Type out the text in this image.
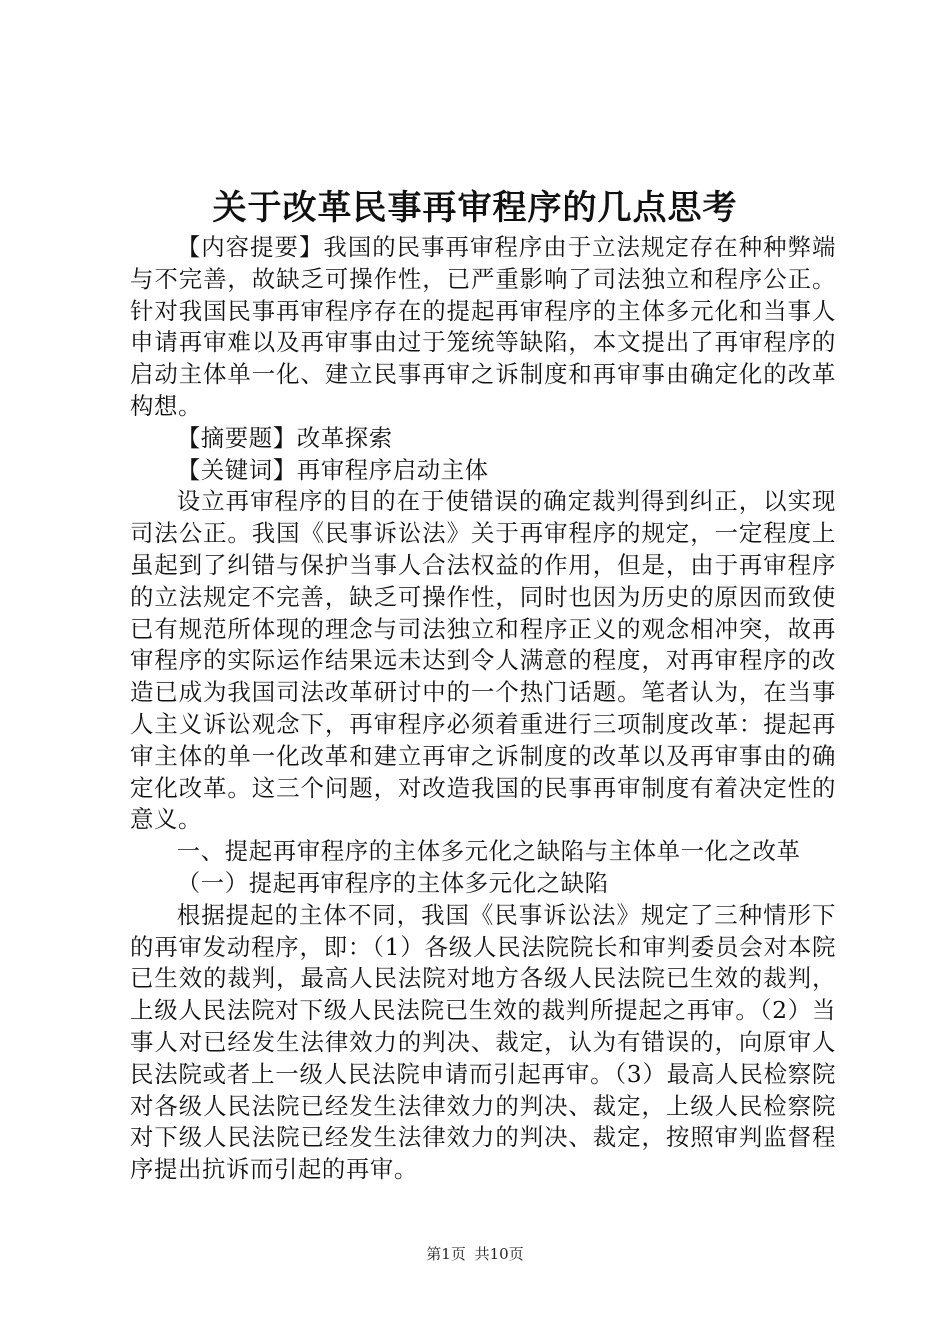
关于改革民事再审程序的几点思考

【内容提要】我国的民事再审程序由于立法规定存在种种弊端与不完善，故缺乏可操作性，已严重影响了司法独立和程序公正。针对我国民事再审程序存在的提起再审程序的主体多元化和当事人申请再审难以及再审事由过于笼统等缺陷，本文提出了再审程序的启动主体单一化、建立民事再审之诉制度和再审事由确定化的改革构想。

【摘要题】改革探索

【关键词】再审程序启动主体

设立再审程序的目的在于使错误的确定裁判得到纠正，以实现司法公正。我国《民事诉讼法》关于再审程序的规定，一定程度上虽起到了纠错与保护当事人合法权益的作用，但是，由于再审程序的立法规定不完善，缺乏可操作性，同时也因为历史的原因而致使已有规范所体现的理念与司法独立和程序正义的观念相冲突，故再审程序的实际运作结果远未达到令人满意的程度，对再审程序的改造已成为我国司法改革研讨中的一个热门话题。笔者认为，在当事人主义诉讼观念下，再审程序必须着重进行三项制度改革：提起再审主体的单一化改革和建立再审之诉制度的改革以及再审事由的确定化改革。这三个问题，对改造我国的民事再审制度有着决定性的意义。

一、提起再审程序的主体多元化之缺陷与主体单一化之改革

（一）提起再审程序的主体多元化之缺陷

根据提起的主体不同，我国《民事诉讼法》规定了三种情形下的再审发动程序，即：（1）各级人民法院院长和审判委员会对本院已生效的裁判，最高人民法院对地方各级人民法院已生效的裁判，上级人民法院对下级人民法院已生效的裁判所提起之再审。（2）当事人对已经发生法律效力的判决、裁定，认为有错误的，向原审人民法院或者上一级人民法院申请而引起再审。（3）最高人民检察院对各级人民法院已经发生法律效力的判决、裁定，上级人民检察院对下级人民法院已经发生法律效力的判决、裁定，按照审判监督程序提出抗诉而引起的再审。

第1页 共10页
